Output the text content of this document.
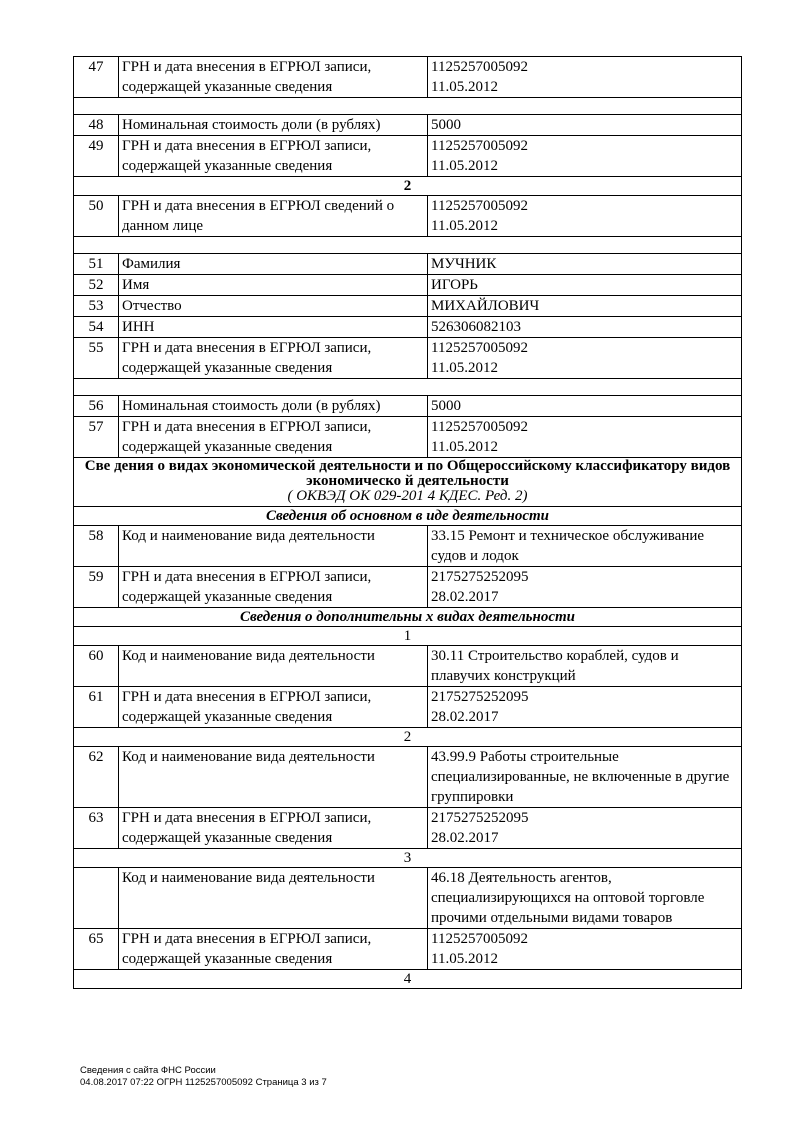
47	ГРН и дата внесения в ЕГРЮЛ записи, содержащей указанные сведения	1125257005092
11.05.2012

48	Номинальная стоимость доли (в рублях)	5000
49	ГРН и дата внесения в ЕГРЮЛ записи, содержащей указанные сведения	1125257005092
11.05.2012

2		
50	ГРН и дата внесения в ЕГРЮЛ сведений о данном лице	1125257005092
11.05.2012

51	Фамилия	МУЧНИК
52	Имя	ИГОРЬ
53	Отчество	МИХАЙЛОВИЧ
54	ИНН	526306082103
55	ГРН и дата внесения в ЕГРЮЛ записи, содержащей указанные сведения	1125257005092
11.05.2012

56	Номинальная стоимость доли (в рублях)	5000
57	ГРН и дата внесения в ЕГРЮЛ записи, содержащей указанные сведения	1125257005092
11.05.2012

Све дения о видах экономической деятельности и по Общероссийскому классификатору видов экономическо й деятельности
( ОКВЭД ОК 029-201 4 КДЕС. Ред. 2)		

Сведения об основном в иде деятельности		
58	Код и наименование вида деятельности	33.15 Ремонт и техническое обслуживание судов и лодок
59	ГРН и дата внесения в ЕГРЮЛ записи, содержащей указанные сведения	2175275252095
28.02.2017

Сведения о дополнительны х видах деятельности		
1		
60	Код и наименование вида деятельности	30.11 Строительство кораблей, судов и плавучих конструкций
61	ГРН и дата внесения в ЕГРЮЛ записи, содержащей указанные сведения	2175275252095
28.02.2017

2		
62	Код и наименование вида деятельности	43.99.9 Работы строительные специализированные, не включенные в другие группировки
63	ГРН и дата внесения в ЕГРЮЛ записи, содержащей указанные сведения	2175275252095
28.02.2017

3		
	Код и наименование вида деятельности	46.18 Деятельность агентов, специализирующихся на оптовой торговле прочими отдельными видами товаров
65	ГРН и дата внесения в ЕГРЮЛ записи, содержащей указанные сведения	1125257005092
11.05.2012

4		
Сведения с сайта ФНС России
04.08.2017 07:22 ОГРН 1125257005092 Страница 3 из 7
